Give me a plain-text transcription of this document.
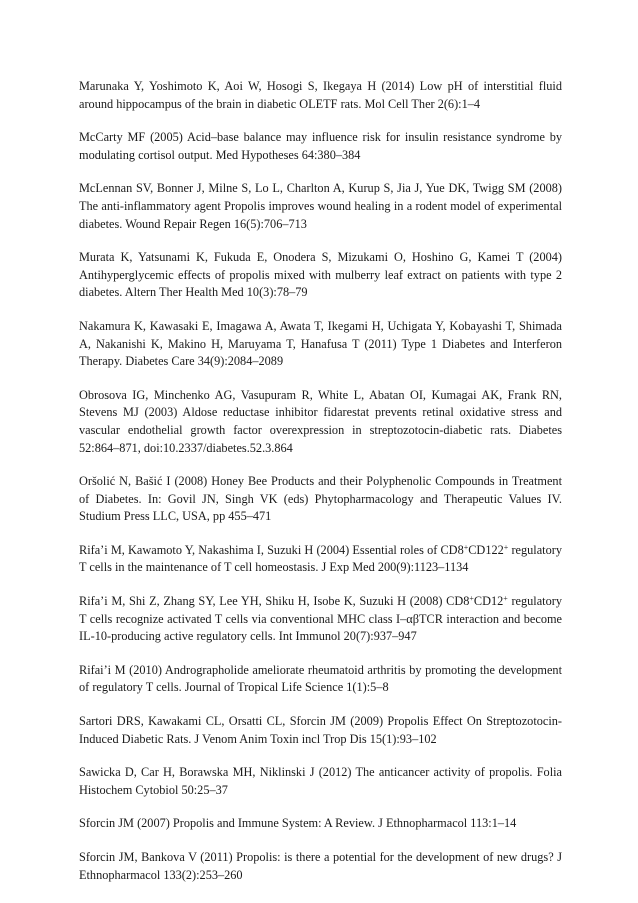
Marunaka Y, Yoshimoto K, Aoi W, Hosogi S, Ikegaya H (2014) Low pH of interstitial fluid around hippocampus of the brain in diabetic OLETF rats. Mol Cell Ther 2(6):1–4
McCarty MF (2005) Acid–base balance may influence risk for insulin resistance syndrome by modulating cortisol output. Med Hypotheses 64:380–384
McLennan SV, Bonner J, Milne S, Lo L, Charlton A, Kurup S, Jia J, Yue DK, Twigg SM (2008) The anti-inflammatory agent Propolis improves wound healing in a rodent model of experimental diabetes. Wound Repair Regen 16(5):706–713
Murata K, Yatsunami K, Fukuda E, Onodera S, Mizukami O, Hoshino G, Kamei T (2004) Antihyperglycemic effects of propolis mixed with mulberry leaf extract on patients with type 2 diabetes. Altern Ther Health Med 10(3):78–79
Nakamura K, Kawasaki E, Imagawa A, Awata T, Ikegami H, Uchigata Y, Kobayashi T, Shimada A, Nakanishi K, Makino H, Maruyama T, Hanafusa T (2011) Type 1 Diabetes and Interferon Therapy. Diabetes Care 34(9):2084–2089
Obrosova IG, Minchenko AG, Vasupuram R, White L, Abatan OI, Kumagai AK, Frank RN, Stevens MJ (2003) Aldose reductase inhibitor fidarestat prevents retinal oxidative stress and vascular endothelial growth factor overexpression in streptozotocin-diabetic rats. Diabetes 52:864–871, doi:10.2337/diabetes.52.3.864
Oršolić N, Bašić I (2008) Honey Bee Products and their Polyphenolic Compounds in Treatment of Diabetes. In: Govil JN, Singh VK (eds) Phytopharmacology and Therapeutic Values IV. Studium Press LLC, USA, pp 455–471
Rifa’i M, Kawamoto Y, Nakashima I, Suzuki H (2004) Essential roles of CD8+CD122+ regulatory T cells in the maintenance of T cell homeostasis. J Exp Med 200(9):1123–1134
Rifa’i M, Shi Z, Zhang SY, Lee YH, Shiku H, Isobe K, Suzuki H (2008) CD8+CD12+ regulatory T cells recognize activated T cells via conventional MHC class I–αβTCR interaction and become IL-10-producing active regulatory cells. Int Immunol 20(7):937–947
Rifai’i M (2010) Andrographolide ameliorate rheumatoid arthritis by promoting the development of regulatory T cells. Journal of Tropical Life Science 1(1):5–8
Sartori DRS, Kawakami CL, Orsatti CL, Sforcin JM (2009) Propolis Effect On Streptozotocin-Induced Diabetic Rats. J Venom Anim Toxin incl Trop Dis 15(1):93–102
Sawicka D, Car H, Borawska MH, Niklinski J (2012) The anticancer activity of propolis. Folia Histochem Cytobiol 50:25–37
Sforcin JM (2007) Propolis and Immune System: A Review. J Ethnopharmacol 113:1–14
Sforcin JM, Bankova V (2011) Propolis: is there a potential for the development of new drugs? J Ethnopharmacol 133(2):253–260
